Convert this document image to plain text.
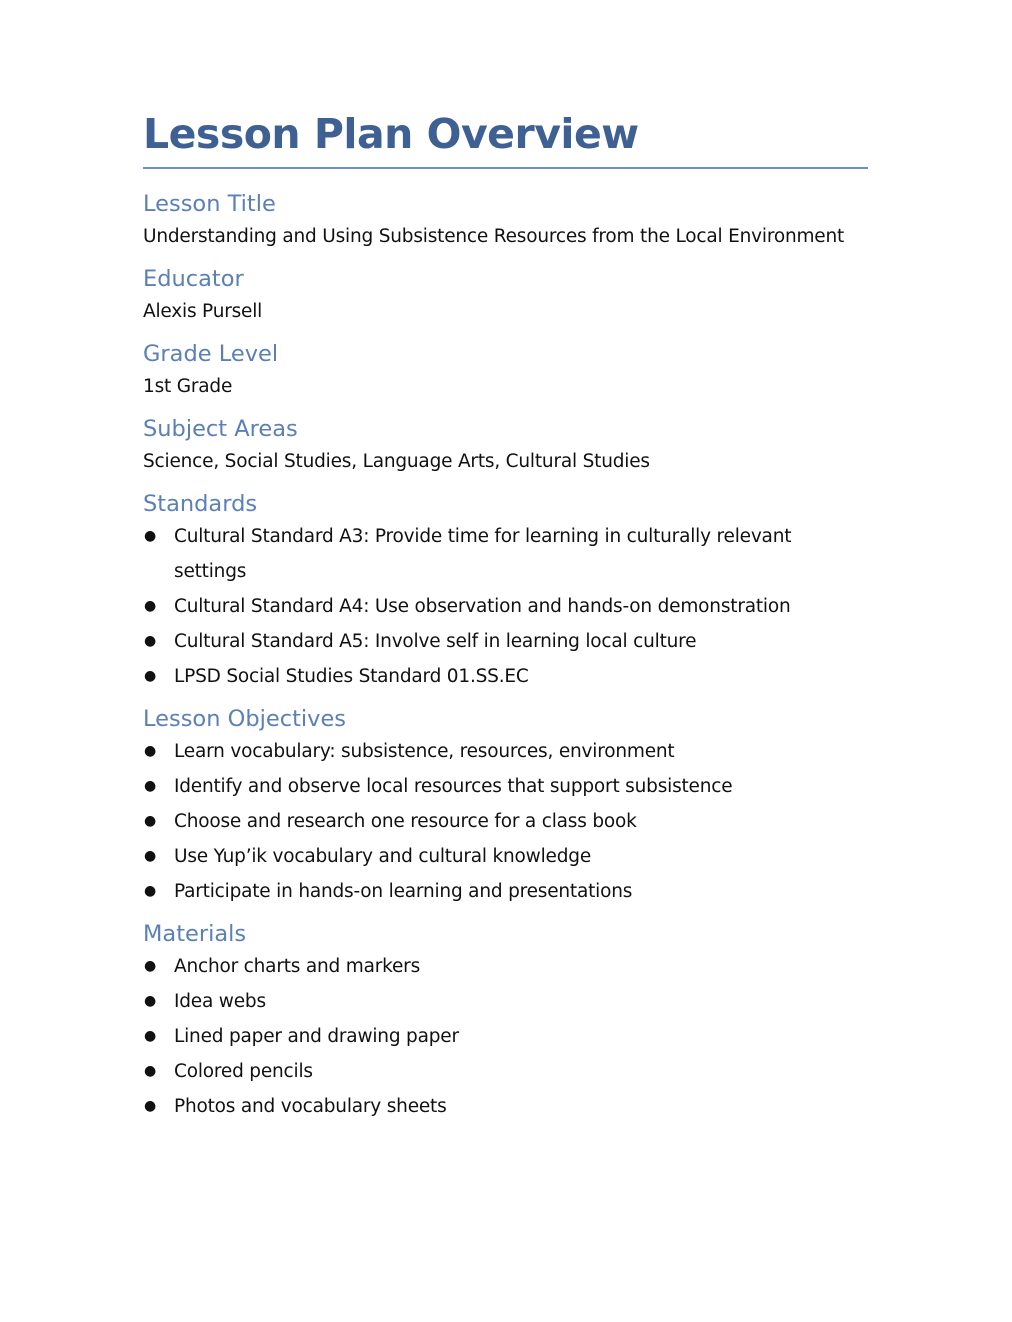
Lesson Plan Overview
Lesson Title

Understanding and Using Subsistence Resources from the Local Environment

Educator

Alexis Pursell

Grade Level

1st Grade

Subject Areas

Science, Social Studies, Language Arts, Cultural Studies

Standards
● Cultural Standard A3: Provide time for learning in culturally relevant settings
● Cultural Standard A4: Use observation and hands-on demonstration
● Cultural Standard A5: Involve self in learning local culture
● LPSD Social Studies Standard 01.SS.EC
Lesson Objectives
● Learn vocabulary: subsistence, resources, environment
● Identify and observe local resources that support subsistence
● Choose and research one resource for a class book
● Use Yup’ik vocabulary and cultural knowledge
● Participate in hands-on learning and presentations
Materials
● Anchor charts and markers
● Idea webs
● Lined paper and drawing paper
● Colored pencils
● Photos and vocabulary sheets
